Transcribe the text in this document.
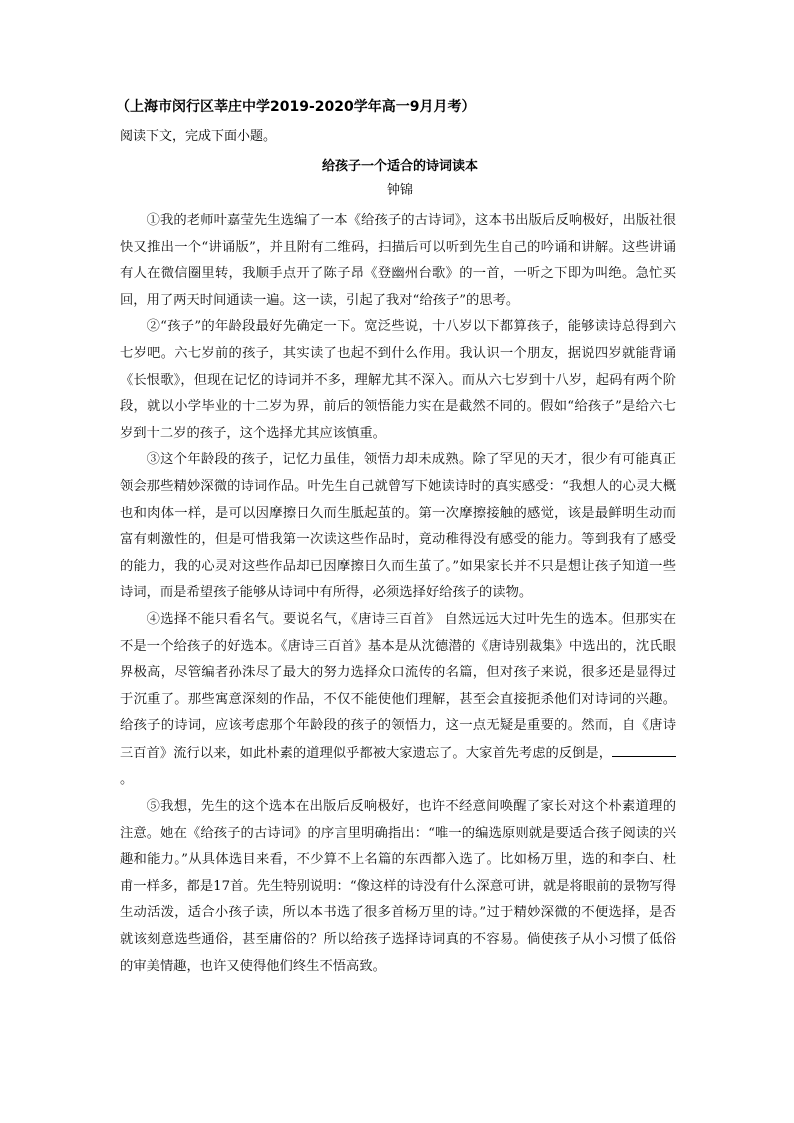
（上海市闵行区莘庄中学2019-2020学年高一9月月考）

阅读下文，完成下面小题。

给孩子一个适合的诗词读本

钟锦

①我的老师叶嘉莹先生选编了一本《给孩子的古诗词》，这本书出版后反响极好，出版社很快又推出一个“讲诵版”，并且附有二维码，扫描后可以听到先生自己的吟诵和讲解。这些讲诵有人在微信圈里转，我顺手点开了陈子昂《登幽州台歌》的一首，一听之下即为叫绝。急忙买回，用了两天时间通读一遍。这一读，引起了我对“给孩子”的思考。

②“孩子”的年龄段最好先确定一下。宽泛些说，十八岁以下都算孩子，能够读诗总得到六七岁吧。六七岁前的孩子，其实读了也起不到什么作用。我认识一个朋友，据说四岁就能背诵《长恨歌》，但现在记忆的诗词并不多，理解尤其不深入。而从六七岁到十八岁，起码有两个阶段，就以小学毕业的十二岁为界，前后的领悟能力实在是截然不同的。假如“给孩子”是给六七岁到十二岁的孩子，这个选择尤其应该慎重。

③这个年龄段的孩子，记忆力虽佳，领悟力却未成熟。除了罕见的天才，很少有可能真正领会那些精妙深微的诗词作品。叶先生自己就曾写下她读诗时的真实感受：“我想人的心灵大概也和肉体一样，是可以因摩擦日久而生胝起茧的。第一次摩擦接触的感觉，该是最鲜明生动而富有刺激性的，但是可惜我第一次读这些作品时，竟动稚得没有感受的能力。等到我有了感受的能力，我的心灵对这些作品却已因摩擦日久而生茧了。”如果家长并不只是想让孩子知道一些诗词，而是希望孩子能够从诗词中有所得，必须选择好给孩子的读物。

④选择不能只看名气。要说名气，《唐诗三百首》 自然远远大过叶先生的选本。但那实在不是一个给孩子的好选本。《唐诗三百首》基本是从沈德潜的《唐诗别裁集》中选出的，沈氏眼界极高，尽管编者孙洙尽了最大的努力选择众口流传的名篇，但对孩子来说，很多还是显得过于沉重了。那些寓意深刻的作品，不仅不能使他们理解，甚至会直接扼杀他们对诗词的兴趣。给孩子的诗词，应该考虑那个年龄段的孩子的领悟力，这一点无疑是重要的。然而，自《唐诗三百首》流行以来，如此朴素的道理似乎都被大家遗忘了。大家首先考虑的反倒是，。

⑤我想，先生的这个选本在出版后反响极好，也许不经意间唤醒了家长对这个朴素道理的注意。她在《给孩子的古诗词》的序言里明确指出：“唯一的编选原则就是要适合孩子阅读的兴趣和能力。”从具体选目来看，不少算不上名篇的东西都入选了。比如杨万里，选的和李白、杜甫一样多，都是17首。先生特别说明：“像这样的诗没有什么深意可讲，就是将眼前的景物写得生动活泼，适合小孩子读，所以本书选了很多首杨万里的诗。”过于精妙深微的不便选择，是否就该刻意选些通俗，甚至庸俗的？所以给孩子选择诗词真的不容易。倘使孩子从小习惯了低俗的审美情趣，也许又使得他们终生不悟高致。
